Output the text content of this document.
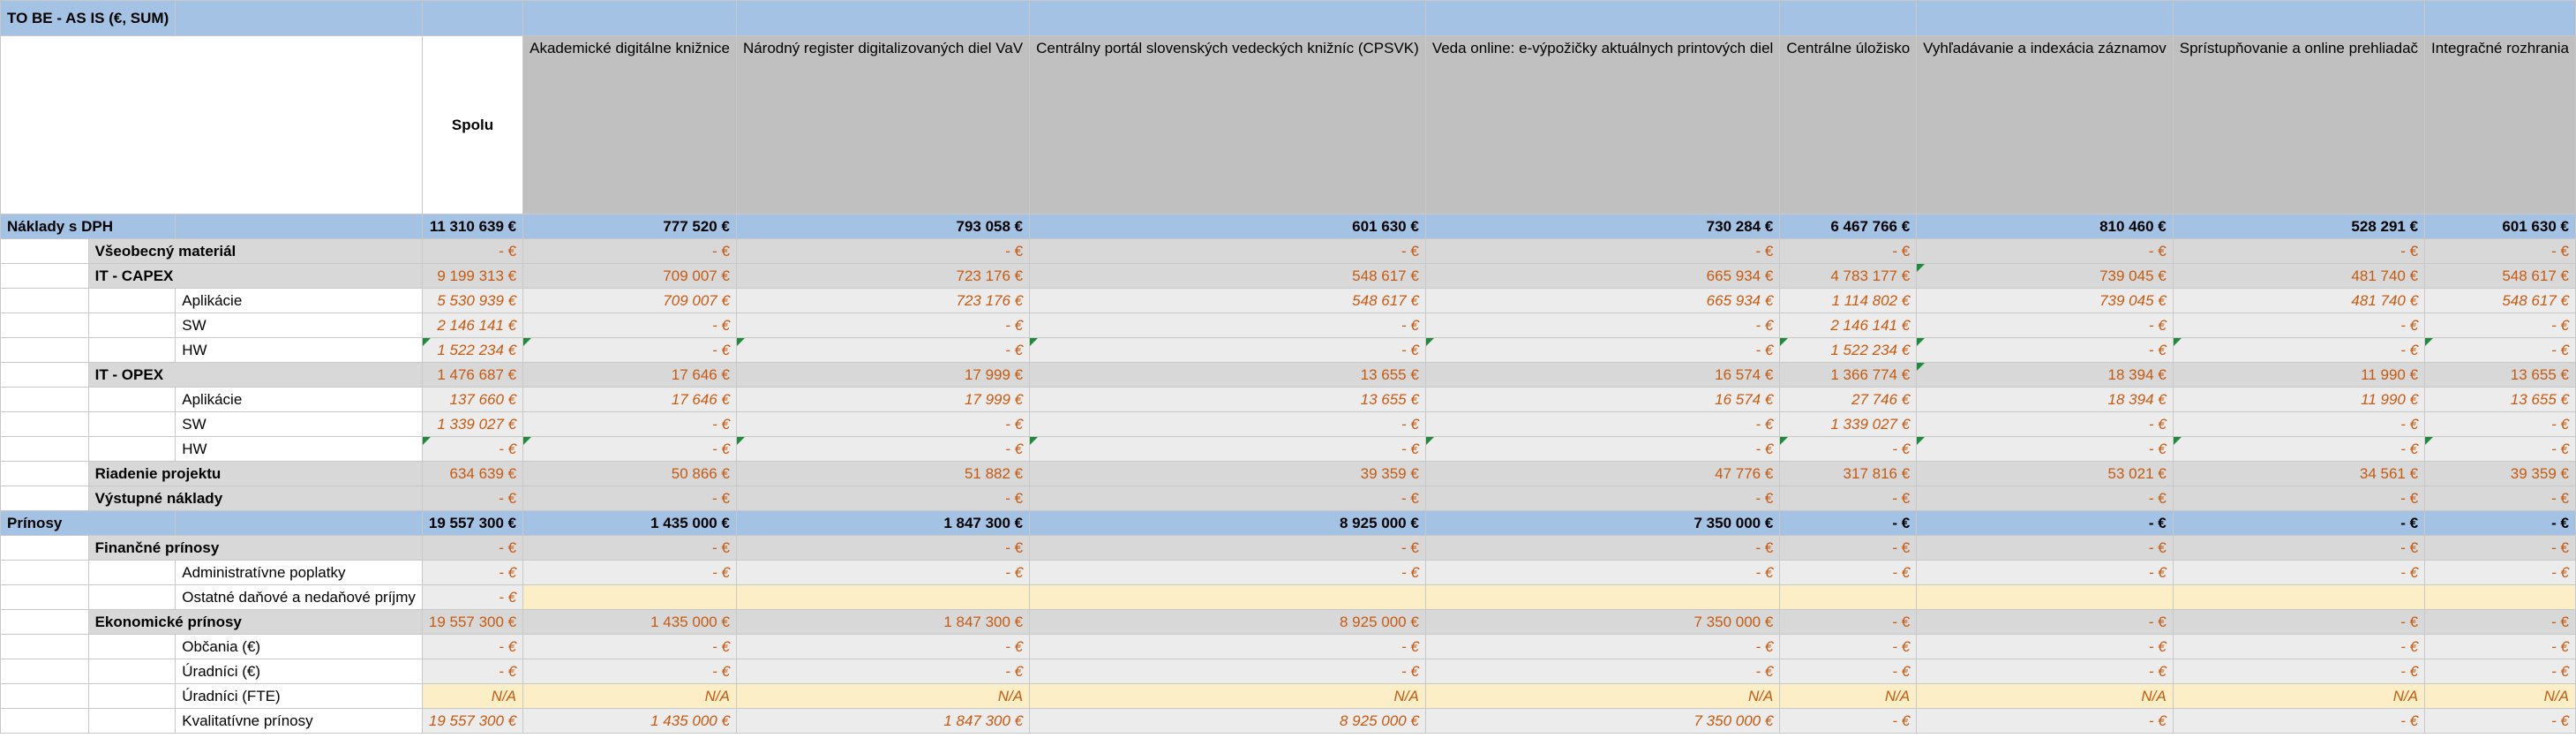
TO BE - AS IS (€, SUM)											
			Spolu	Akademické digitálne knižnice	Národný register digitalizovaných diel VaV	Centrálny portál slovenských vedeckých knižníc (CPSVK)	Veda online: e-výpožičky aktuálnych printových diel	Centrálne úložisko	Vyhľadávanie a indexácia záznamov	Sprístupňovanie a online prehliadač	Integračné rozhrania
Náklady s DPH			11 310 639 €	777 520 €	793 058 €	601 630 €	730 284 €	6 467 766 €	810 460 €	528 291 €	601 630 €
	Všeobecný materiál		- €	- €	- €	- €	- €	- €	- €	- €	- €
	IT - CAPEX		9 199 313 €	709 007 €	723 176 €	548 617 €	665 934 €	4 783 177 €	739 045 €	481 740 €	548 617 €
		Aplikácie	5 530 939 €	709 007 €	723 176 €	548 617 €	665 934 €	1 114 802 €	739 045 €	481 740 €	548 617 €
		SW	2 146 141 €	- €	- €	- €	- €	2 146 141 €	- €	- €	- €
		HW	1 522 234 €	- €	- €	- €	- €	1 522 234 €	- €	- €	- €
	IT - OPEX		1 476 687 €	17 646 €	17 999 €	13 655 €	16 574 €	1 366 774 €	18 394 €	11 990 €	13 655 €
		Aplikácie	137 660 €	17 646 €	17 999 €	13 655 €	16 574 €	27 746 €	18 394 €	11 990 €	13 655 €
		SW	1 339 027 €	- €	- €	- €	- €	1 339 027 €	- €	- €	- €
		HW	- €	- €	- €	- €	- €	- €	- €	- €	- €
	Riadenie projektu		634 639 €	50 866 €	51 882 €	39 359 €	47 776 €	317 816 €	53 021 €	34 561 €	39 359 €
	Výstupné náklady		- €	- €	- €	- €	- €	- €	- €	- €	- €
Prínosy			19 557 300 €	1 435 000 €	1 847 300 €	8 925 000 €	7 350 000 €	- €	- €	- €	- €
	Finančné prínosy		- €	- €	- €	- €	- €	- €	- €	- €	- €
		Administratívne poplatky	- €	- €	- €	- €	- €	- €	- €	- €	- €
		Ostatné daňové a nedaňové príjmy	- €								
	Ekonomické prínosy		19 557 300 €	1 435 000 €	1 847 300 €	8 925 000 €	7 350 000 €	- €	- €	- €	- €
		Občania (€)	- €	- €	- €	- €	- €	- €	- €	- €	- €
		Úradníci (€)	- €	- €	- €	- €	- €	- €	- €	- €	- €
		Úradníci (FTE)	N/A	N/A	N/A	N/A	N/A	N/A	N/A	N/A	N/A
		Kvalitatívne prínosy	19 557 300 €	1 435 000 €	1 847 300 €	8 925 000 €	7 350 000 €	- €	- €	- €	- €
